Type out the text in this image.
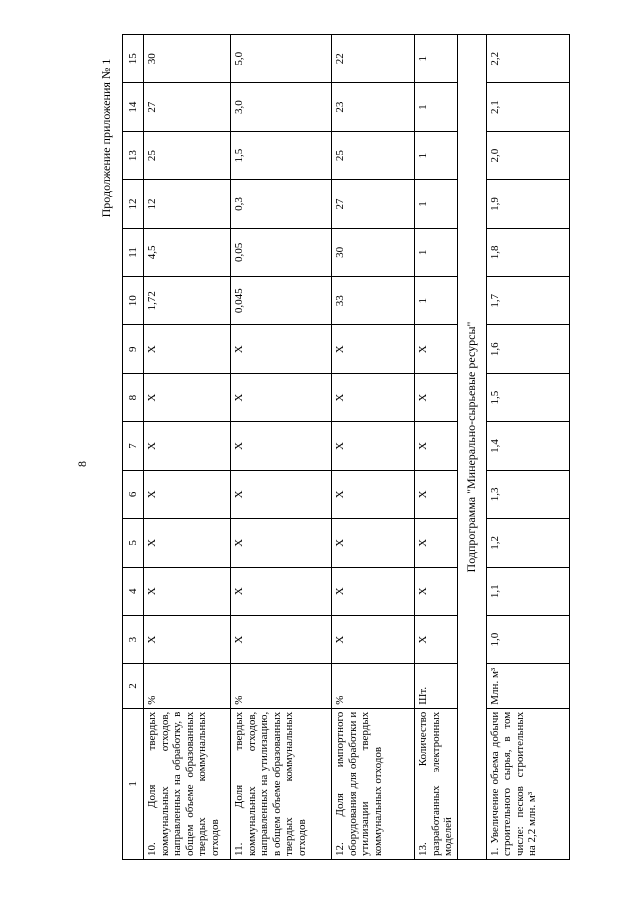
8
Продолжение приложения № 1
1	2	3	4	5	6	7	8	9	10	11	12	13	14	15
10. Доля твердых коммунальных отходов, направленных на обработку, в общем объеме образованных твердых коммунальных отходов	%	X	X	X	X	X	X	X	1,72	4,5	12	25	27	30
11. Доля твердых коммунальных отходов, направленных на утилизацию, в общем объеме образованных твердых коммунальных отходов	%	X	X	X	X	X	X	X	0,045	0,05	0,3	1,5	3,0	5,0
12. Доля импортного оборудования для обработки и утилизации твердых коммунальных отходов	%	X	X	X	X	X	X	X	33	30	27	25	23	22
13. Количество разработанных электронных моделей	Шт.	X	X	X	X	X	X	X	1	1	1	1	1	1
Подпрограмма "Минерально-сырьевые ресурсы"														
1. Увеличение объема добычи строительного сырья, в том числе: песков строительных на 2,2 млн. м³	Млн. м³	1,0	1,1	1,2	1,3	1,4	1,5	1,6	1,7	1,8	1,9	2,0	2,1	2,2
